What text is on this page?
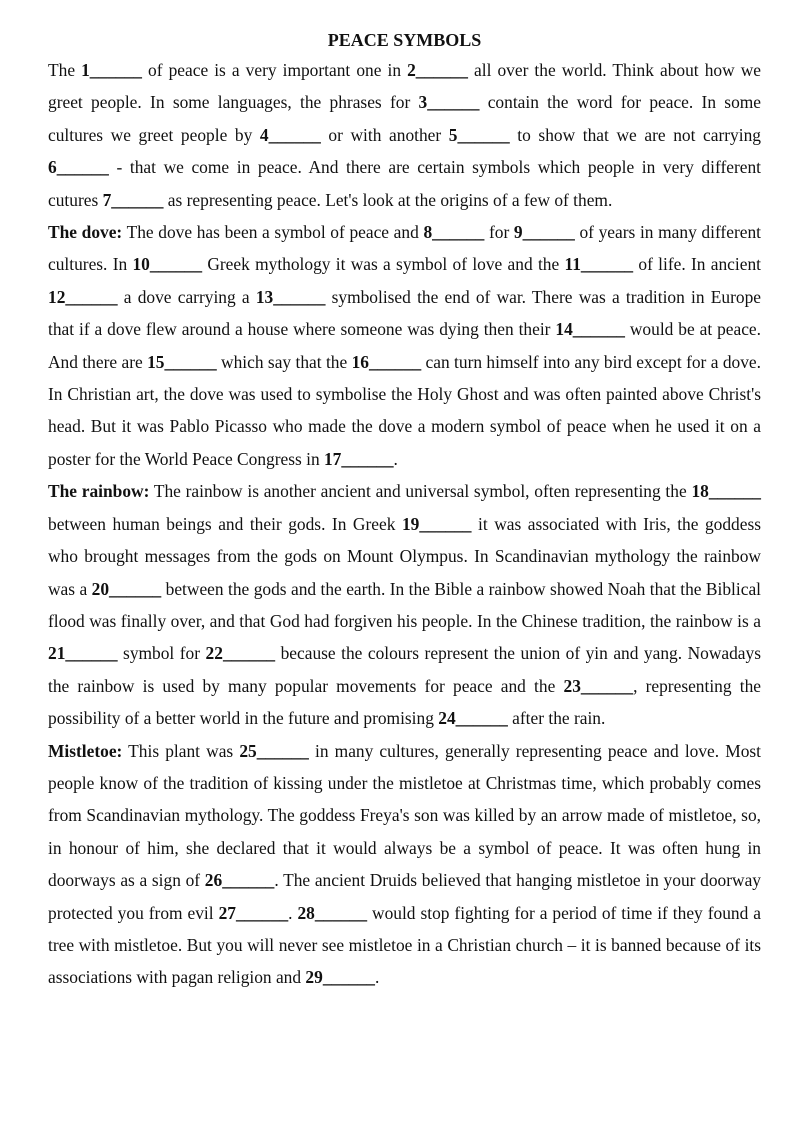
PEACE SYMBOLS

The 1______ of peace is a very important one in 2______ all over the world. Think about how we greet people. In some languages, the phrases for 3______ contain the word for peace. In some cultures we greet people by 4______ or with another 5______ to show that we are not carrying 6______ - that we come in peace. And there are certain symbols which people in very different cutures 7______ as representing peace. Let's look at the origins of a few of them.

The dove: The dove has been a symbol of peace and 8______ for 9______ of years in many different cultures. In 10______ Greek mythology it was a symbol of love and the 11______ of life. In ancient 12______ a dove carrying a 13______ symbolised the end of war. There was a tradition in Europe that if a dove flew around a house where someone was dying then their 14______ would be at peace. And there are 15______ which say that the 16______ can turn himself into any bird except for a dove. In Christian art, the dove was used to symbolise the Holy Ghost and was often painted above Christ's head. But it was Pablo Picasso who made the dove a modern symbol of peace when he used it on a poster for the World Peace Congress in 17______.

The rainbow: The rainbow is another ancient and universal symbol, often representing the 18______ between human beings and their gods. In Greek 19______ it was associated with Iris, the goddess who brought messages from the gods on Mount Olympus. In Scandinavian mythology the rainbow was a 20______ between the gods and the earth. In the Bible a rainbow showed Noah that the Biblical flood was finally over, and that God had forgiven his people. In the Chinese tradition, the rainbow is a 21______ symbol for 22______ because the colours represent the union of yin and yang. Nowadays the rainbow is used by many popular movements for peace and the 23______, representing the possibility of a better world in the future and promising 24______ after the rain.

Mistletoe: This plant was 25______ in many cultures, generally representing peace and love. Most people know of the tradition of kissing under the mistletoe at Christmas time, which probably comes from Scandinavian mythology. The goddess Freya's son was killed by an arrow made of mistletoe, so, in honour of him, she declared that it would always be a symbol of peace. It was often hung in doorways as a sign of 26______. The ancient Druids believed that hanging mistletoe in your doorway protected you from evil 27______. 28______ would stop fighting for a period of time if they found a tree with mistletoe. But you will never see mistletoe in a Christian church – it is banned because of its associations with pagan religion and 29______.
